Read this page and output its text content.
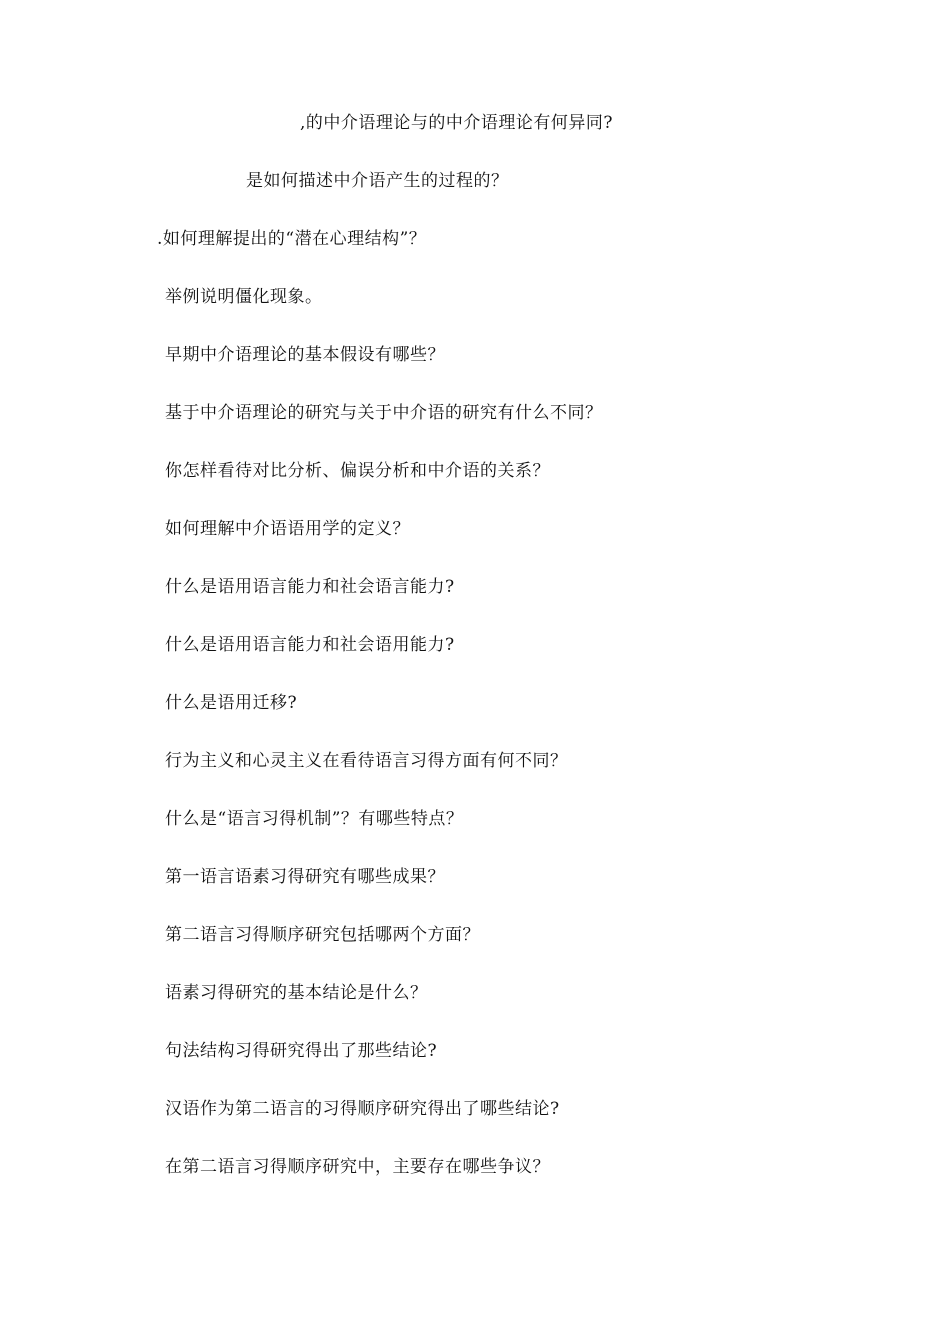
,的中介语理论与的中介语理论有何异同?

是如何描述中介语产生的过程的？

.如何理解提出的“潜在心理结构”？

举例说明僵化现象。

早期中介语理论的基本假设有哪些？

基于中介语理论的研究与关于中介语的研究有什么不同？

你怎样看待对比分析、偏误分析和中介语的关系？

如何理解中介语语用学的定义？

什么是语用语言能力和社会语言能力?

什么是语用语言能力和社会语用能力?

什么是语用迁移?

行为主义和心灵主义在看待语言习得方面有何不同？

什么是“语言习得机制”？有哪些特点？

第一语言语素习得研究有哪些成果？

第二语言习得顺序研究包括哪两个方面？

语素习得研究的基本结论是什么？

句法结构习得研究得出了那些结论?

汉语作为第二语言的习得顺序研究得出了哪些结论?

在第二语言习得顺序研究中，主要存在哪些争议？
